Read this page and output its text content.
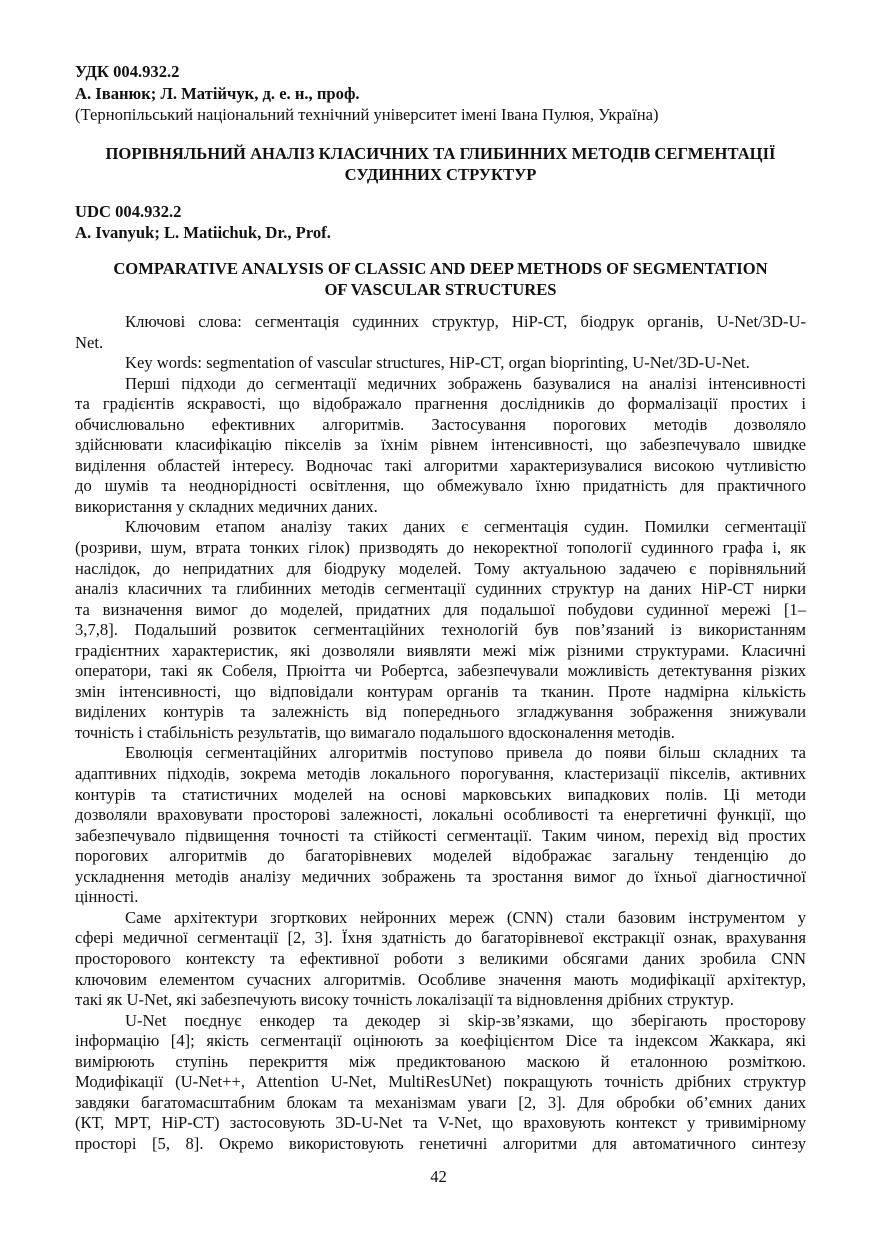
УДК 004.932.2
А. Іванюк; Л. Матійчук, д. е. н., проф.
(Тернопільський національний технічний університет імені Івана Пулюя, Україна)
ПОРІВНЯЛЬНИЙ АНАЛІЗ КЛАСИЧНИХ ТА ГЛИБИННИХ МЕТОДІВ СЕГМЕНТАЦІЇ
СУДИННИХ СТРУКТУР
UDC 004.932.2
A. Ivanyuk; L. Matiichuk, Dr., Prof.
COMPARATIVE ANALYSIS OF CLASSIC AND DEEP METHODS OF SEGMENTATION
OF VASCULAR STRUCTURES
Ключові слова: сегментація судинних структур, HiP-CT, біодрук органів, U-Net/3D-U-
Net.
Key words: segmentation of vascular structures, HiP-CT, organ bioprinting, U-Net/3D-U-Net.
Перші підходи до сегментації медичних зображень базувалися на аналізі інтенсивності
та градієнтів яскравості, що відображало прагнення дослідників до формалізації простих і
обчислювально ефективних алгоритмів. Застосування порогових методів дозволяло
здійснювати класифікацію пікселів за їхнім рівнем інтенсивності, що забезпечувало швидке
виділення областей інтересу. Водночас такі алгоритми характеризувалися високою чутливістю
до шумів та неоднорідності освітлення, що обмежувало їхню придатність для практичного
використання у складних медичних даних.
Ключовим етапом аналізу таких даних є сегментація судин. Помилки сегментації
(розриви, шум, втрата тонких гілок) призводять до некоректної топології судинного графа і, як
наслідок, до непридатних для біодруку моделей. Тому актуальною задачею є порівняльний
аналіз класичних та глибинних методів сегментації судинних структур на даних HiP-CT нирки
та визначення вимог до моделей, придатних для подальшої побудови судинної мережі [1–
3,7,8]. Подальший розвиток сегментаційних технологій був пов’язаний із використанням
градієнтних характеристик, які дозволяли виявляти межі між різними структурами. Класичні
оператори, такі як Собеля, Прюітта чи Робертса, забезпечували можливість детектування різких
змін інтенсивності, що відповідали контурам органів та тканин. Проте надмірна кількість
виділених контурів та залежність від попереднього згладжування зображення знижували
точність і стабільність результатів, що вимагало подальшого вдосконалення методів.
Еволюція сегментаційних алгоритмів поступово привела до появи більш складних та
адаптивних підходів, зокрема методів локального порогування, кластеризації пікселів, активних
контурів та статистичних моделей на основі марковських випадкових полів. Ці методи
дозволяли враховувати просторові залежності, локальні особливості та енергетичні функції, що
забезпечувало підвищення точності та стійкості сегментації. Таким чином, перехід від простих
порогових алгоритмів до багаторівневих моделей відображає загальну тенденцію до
ускладнення методів аналізу медичних зображень та зростання вимог до їхньої діагностичної
цінності.
Саме архітектури згорткових нейронних мереж (CNN) стали базовим інструментом у
сфері медичної сегментації [2, 3]. Їхня здатність до багаторівневої екстракції ознак, врахування
просторового контексту та ефективної роботи з великими обсягами даних зробила CNN
ключовим елементом сучасних алгоритмів. Особливе значення мають модифікації архітектур,
такі як U-Net, які забезпечують високу точність локалізації та відновлення дрібних структур.
U-Net поєднує енкодер та декодер зі skip-зв’язками, що зберігають просторову
інформацію [4]; якість сегментації оцінюють за коефіцієнтом Dice та індексом Жаккара, які
вимірюють ступінь перекриття між предиктованою маскою й еталонною розміткою.
Модифікації (U-Net++, Attention U-Net, MultiResUNet) покращують точність дрібних структур
завдяки багатомасштабним блокам та механізмам уваги [2, 3]. Для обробки об’ємних даних
(КТ, МРТ, HiP-CT) застосовують 3D-U-Net та V-Net, що враховують контекст у тривимірному
просторі [5, 8]. Окремо використовують генетичні алгоритми для автоматичного синтезу
42
